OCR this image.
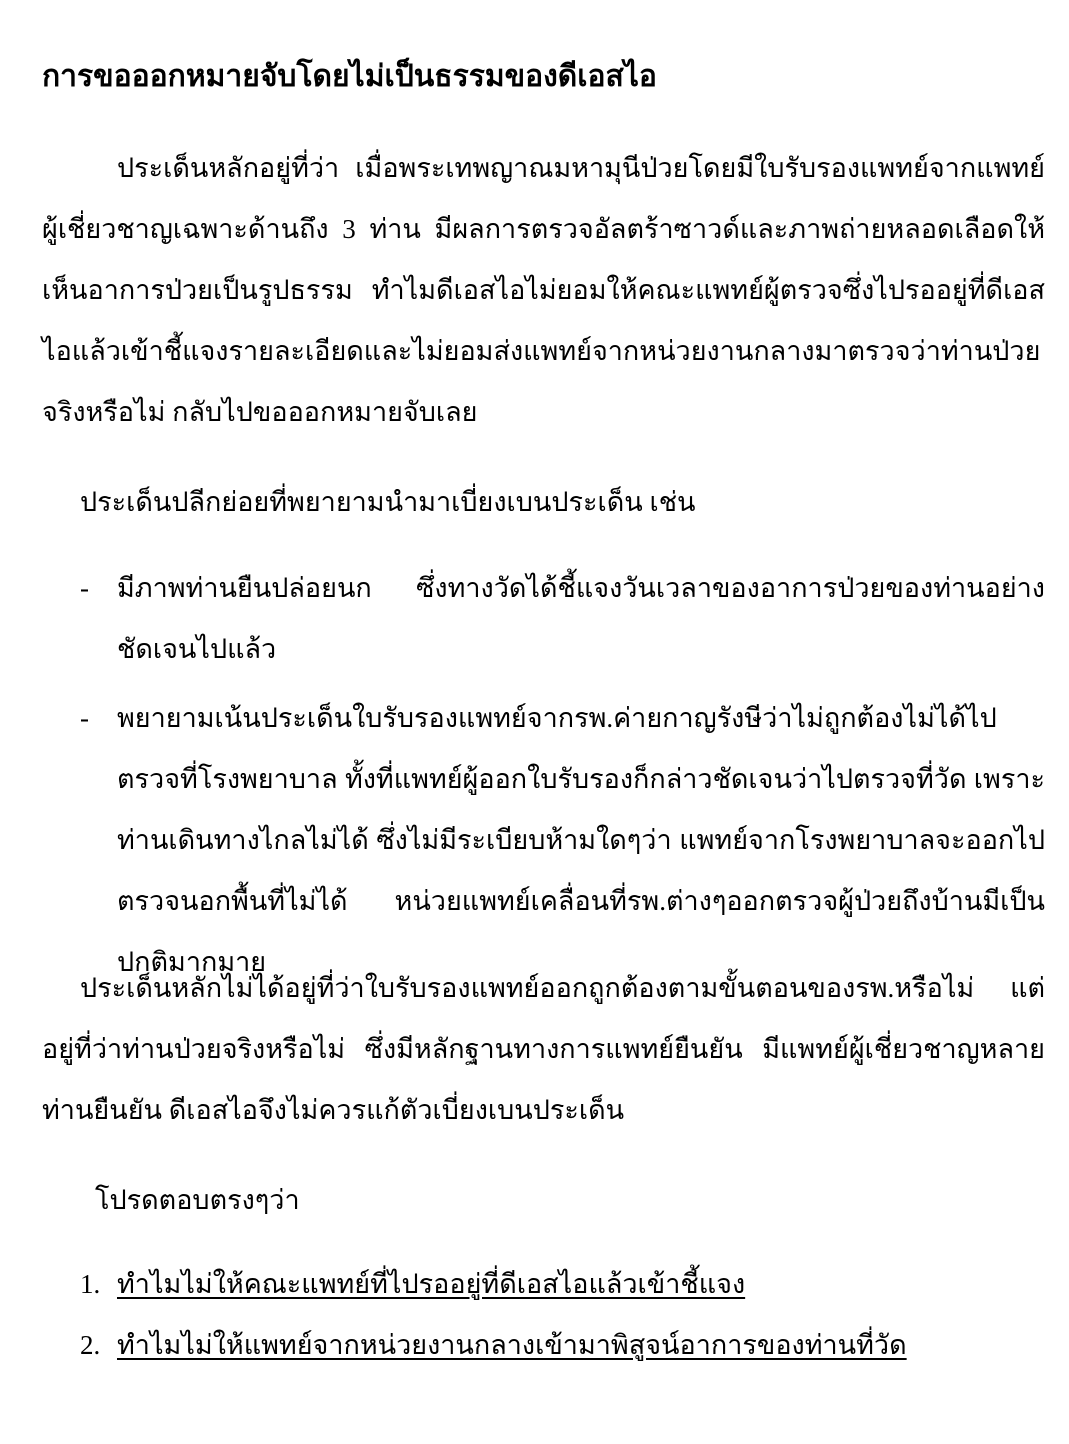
การขอออกหมายจับโดยไม่เป็นธรรมของดีเอสไอ

ประเด็นหลักอยู่ที่ว่า เมื่อพระเทพญาณมหามุนีป่วยโดยมีใบรับรองแพทย์จากแพทย์ผู้เชี่ยวชาญเฉพาะด้านถึง 3 ท่าน มีผลการตรวจอัลตร้าซาวด์และภาพถ่ายหลอดเลือดให้เห็นอาการป่วยเป็นรูปธรรม ทำไมดีเอสไอไม่ยอมให้คณะแพทย์ผู้ตรวจซึ่งไปรออยู่ที่ดีเอสไอแล้วเข้าชี้แจงรายละเอียดและไม่ยอมส่งแพทย์จากหน่วยงานกลางมาตรวจว่าท่านป่วยจริงหรือไม่ กลับไปขอออกหมายจับเลย

ประเด็นปลีกย่อยที่พยายามนำมาเบี่ยงเบนประเด็น เช่น

- มีภาพท่านยืนปล่อยนก ซึ่งทางวัดได้ชี้แจงวันเวลาของอาการป่วยของท่านอย่างชัดเจนไปแล้ว
- พยายามเน้นประเด็นใบรับรองแพทย์จากรพ.ค่ายกาญรังษีว่าไม่ถูกต้องไม่ได้ไปตรวจที่โรงพยาบาล ทั้งที่แพทย์ผู้ออกใบรับรองก็กล่าวชัดเจนว่าไปตรวจที่วัด เพราะท่านเดินทางไกลไม่ได้ ซึ่งไม่มีระเบียบห้ามใดๆว่า แพทย์จากโรงพยาบาลจะออกไปตรวจนอกพื้นที่ไม่ได้ หน่วยแพทย์เคลื่อนที่รพ.ต่างๆออกตรวจผู้ป่วยถึงบ้านมีเป็นปกติมากมาย

ประเด็นหลักไม่ได้อยู่ที่ว่าใบรับรองแพทย์ออกถูกต้องตามขั้นตอนของรพ.หรือไม่ แต่อยู่ที่ว่าท่านป่วยจริงหรือไม่ ซึ่งมีหลักฐานทางการแพทย์ยืนยัน มีแพทย์ผู้เชี่ยวชาญหลายท่านยืนยัน ดีเอสไอจึงไม่ควรแก้ตัวเบี่ยงเบนประเด็น

โปรดตอบตรงๆว่า

1. ทำไมไม่ให้คณะแพทย์ที่ไปรออยู่ที่ดีเอสไอแล้วเข้าชี้แจง
2. ทำไมไม่ให้แพทย์จากหน่วยงานกลางเข้ามาพิสูจน์อาการของท่านที่วัด
